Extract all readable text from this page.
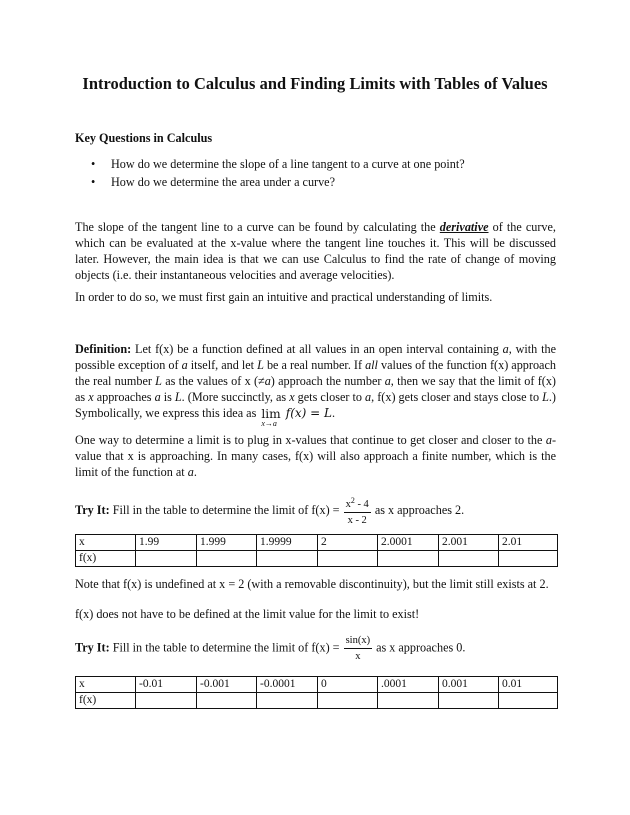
Introduction to Calculus and Finding Limits with Tables of Values
Key Questions in Calculus
• How do we determine the slope of a line tangent to a curve at one point?
• How do we determine the area under a curve?
The slope of the tangent line to a curve can be found by calculating the derivative of the curve, which can be evaluated at the x-value where the tangent line touches it. This will be discussed later. However, the main idea is that we can use Calculus to find the rate of change of moving objects (i.e. their instantaneous velocities and average velocities).
In order to do so, we must first gain an intuitive and practical understanding of limits.
Definition: Let f(x) be a function defined at all values in an open interval containing a, with the possible exception of a itself, and let L be a real number. If all values of the function f(x) approach the real number L as the values of x (≠a) approach the number a, then we say that the limit of f(x) as x approaches a is L. (More succinctly, as x gets closer to a, f(x) gets closer and stays close to L.) Symbolically, we express this idea as lim
x→a
f(x) = L.
One way to determine a limit is to plug in x-values that continue to get closer and closer to the a-value that x is approaching. In many cases, f(x) will also approach a finite number, which is the limit of the function at a.
Try It: Fill in the table to determine the limit of $f(x) = \frac{x^2 - 4}{x - 2}$ as x approaches 2.
x	1.99	1.999	1.9999	2	2.0001	2.001	2.01
f(x)							
Note that f(x) is undefined at x = 2 (with a removable discontinuity), but the limit still exists at 2.
f(x) does not have to be defined at the limit value for the limit to exist!
Try It: Fill in the table to determine the limit of $f(x) = \frac{\sin(x)}{x}$ as x approaches 0.
x	-0.01	-0.001	-0.0001	0	.0001	0.001	0.01
f(x)							
